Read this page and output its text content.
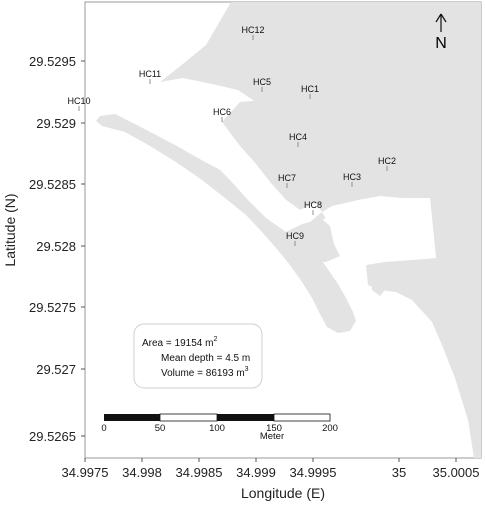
HC12
HC11
HC10
HC5
HC1
HC6
HC4
HC2
HC3
HC7
HC8
HC9
N
Area = 19154 $m^2$
Mean depth = 4.5 m
Volume = 86193 $m^3$
0	50	100	150	200
Meter
34.9975 34.998 34.9985 34.999 34.9995	35 35.0005
29.5295
29.529
29.5285
29.528
29.5275
29.527
29.5265
Longitude (E)
Latitude (N)
